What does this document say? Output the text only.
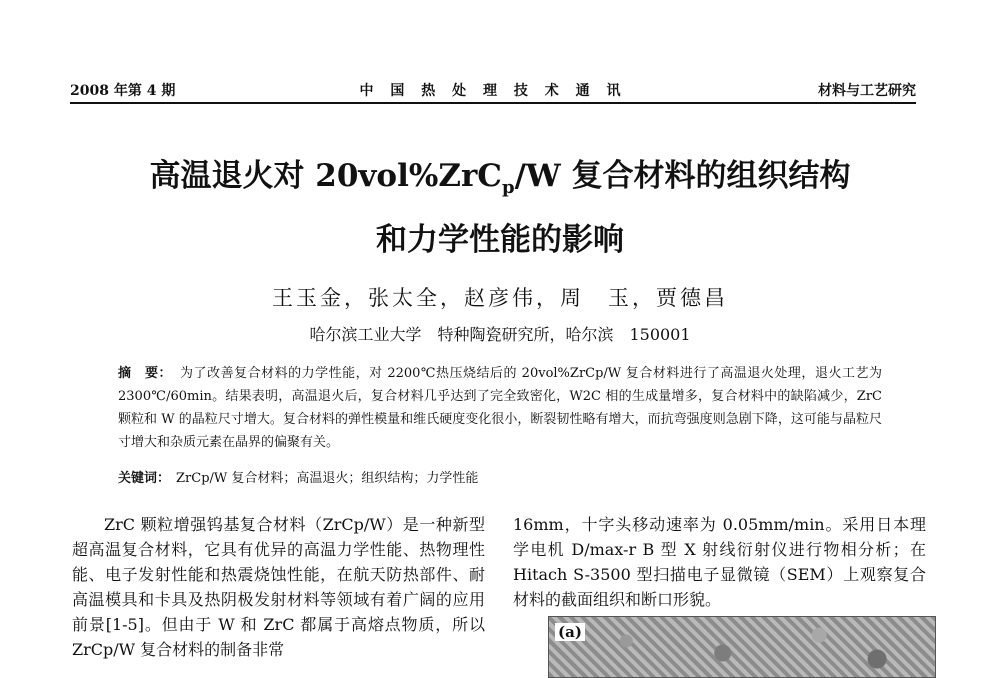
2008 年第 4 期	中 国 热 处 理 技 术 通 讯	材料与工艺研究
高温退火对 20vol%ZrC$_p$/W 复合材料的组织结构
和力学性能的影响
王玉金，张太全，赵彦伟，周　玉，贾德昌
哈尔滨工业大学　特种陶瓷研究所，哈尔滨　150001
摘　要： 为了改善复合材料的力学性能，对 2200℃热压烧结后的 20vol%ZrCp/W 复合材料进行了高温退火处理，退火工艺为 2300℃/60min。结果表明，高温退火后，复合材料几乎达到了完全致密化，W2C 相的生成量增多，复合材料中的缺陷减少，ZrC 颗粒和 W 的晶粒尺寸增大。复合材料的弹性模量和维氏硬度变化很小，断裂韧性略有增大，而抗弯强度则急剧下降，这可能与晶粒尺寸增大和杂质元素在晶界的偏聚有关。
关键词： ZrCp/W 复合材料；高温退火；组织结构；力学性能
ZrC 颗粒增强钨基复合材料（ZrCp/W）是一种新型超高温复合材料，它具有优异的高温力学性能、热物理性能、电子发射性能和热震烧蚀性能，在航天防热部件、耐高温模具和卡具及热阴极发射材料等领域有着广阔的应用前景[1-5]。但由于 W 和 ZrC 都属于高熔点物质，所以 ZrCp/W 复合材料的制备非常
16mm，十字头移动速率为 0.05mm/min。采用日本理学电机 D/max-r B 型 X 射线衍射仪进行物相分析；在 Hitach S-3500 型扫描电子显微镜（SEM）上观察复合材料的截面组织和断口形貌。
(a)
